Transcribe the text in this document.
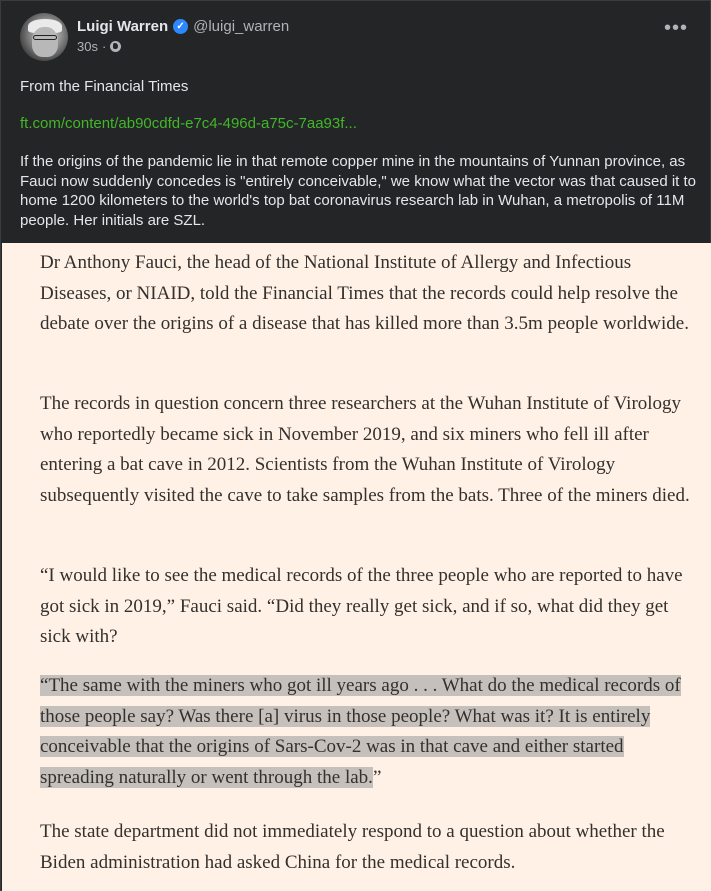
Luigi Warren ✓ @luigi_warren
30s ·
•••
From the Financial Times
ft.com/content/ab90cdfd-e7c4-496d-a75c-7aa93f...
If the origins of the pandemic lie in that remote copper mine in the mountains of Yunnan province, as Fauci now suddenly concedes is "entirely conceivable," we know what the vector was that caused it to home 1200 kilometers to the world's top bat coronavirus research lab in Wuhan, a metropolis of 11M people. Her initials are SZL.

Dr Anthony Fauci, the head of the National Institute of Allergy and Infectious Diseases, or NIAID, told the Financial Times that the records could help resolve the debate over the origins of a disease that has killed more than 3.5m people worldwide.

The records in question concern three researchers at the Wuhan Institute of Virology who reportedly became sick in November 2019, and six miners who fell ill after entering a bat cave in 2012. Scientists from the Wuhan Institute of Virology subsequently visited the cave to take samples from the bats. Three of the miners died.

“I would like to see the medical records of the three people who are reported to have got sick in 2019,” Fauci said. “Did they really get sick, and if so, what did they get sick with?

“The same with the miners who got ill years ago . . . What do the medical records of those people say? Was there [a] virus in those people? What was it? It is entirely conceivable that the origins of Sars-Cov-2 was in that cave and either started spreading naturally or went through the lab.”

The state department did not immediately respond to a question about whether the Biden administration had asked China for the medical records.
